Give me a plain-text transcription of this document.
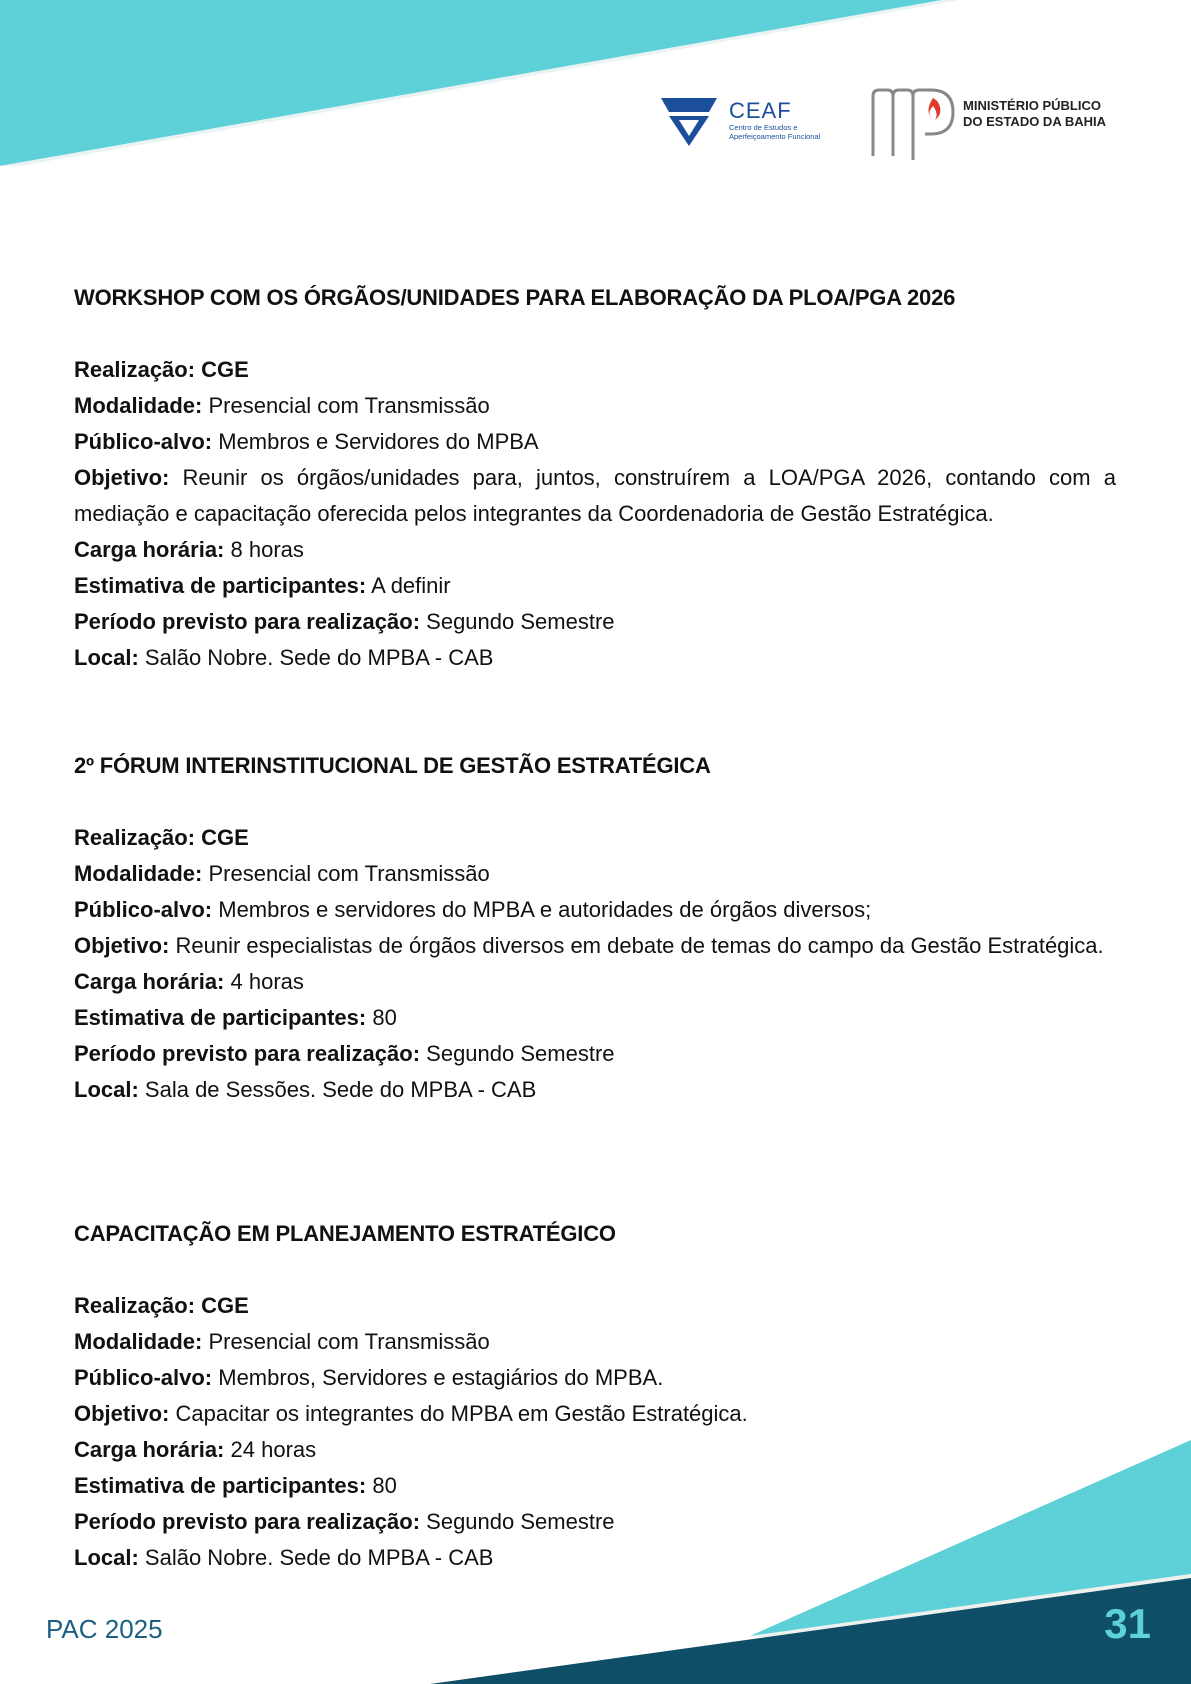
CEAF
Centro de Estudos e Aperfeiçoamento Funcional
MINISTÉRIO PÚBLICO
DO ESTADO DA BAHIA
WORKSHOP COM OS ÓRGÃOS/UNIDADES PARA ELABORAÇÃO DA PLOA/PGA 2026
Realização: CGE
Modalidade: Presencial com Transmissão
Público-alvo: Membros e Servidores do MPBA
Objetivo: Reunir os órgãos/unidades para, juntos, construírem a LOA/PGA 2026, contando com a mediação e capacitação oferecida pelos integrantes da Coordenadoria de Gestão Estratégica.
Carga horária: 8 horas
Estimativa de participantes: A definir
Período previsto para realização: Segundo Semestre
Local: Salão Nobre. Sede do MPBA - CAB
2º FÓRUM INTERINSTITUCIONAL DE GESTÃO ESTRATÉGICA
Realização: CGE
Modalidade: Presencial com Transmissão
Público-alvo: Membros e servidores do MPBA e autoridades de órgãos diversos;
Objetivo: Reunir especialistas de órgãos diversos em debate de temas do campo da Gestão Estratégica.
Carga horária: 4 horas
Estimativa de participantes: 80
Período previsto para realização: Segundo Semestre
Local: Sala de Sessões. Sede do MPBA - CAB
CAPACITAÇÃO EM PLANEJAMENTO ESTRATÉGICO
Realização: CGE
Modalidade: Presencial com Transmissão
Público-alvo: Membros, Servidores e estagiários do MPBA.
Objetivo: Capacitar os integrantes do MPBA em Gestão Estratégica.
Carga horária: 24 horas
Estimativa de participantes: 80
Período previsto para realização: Segundo Semestre
Local: Salão Nobre. Sede do MPBA - CAB
PAC 2025	31
